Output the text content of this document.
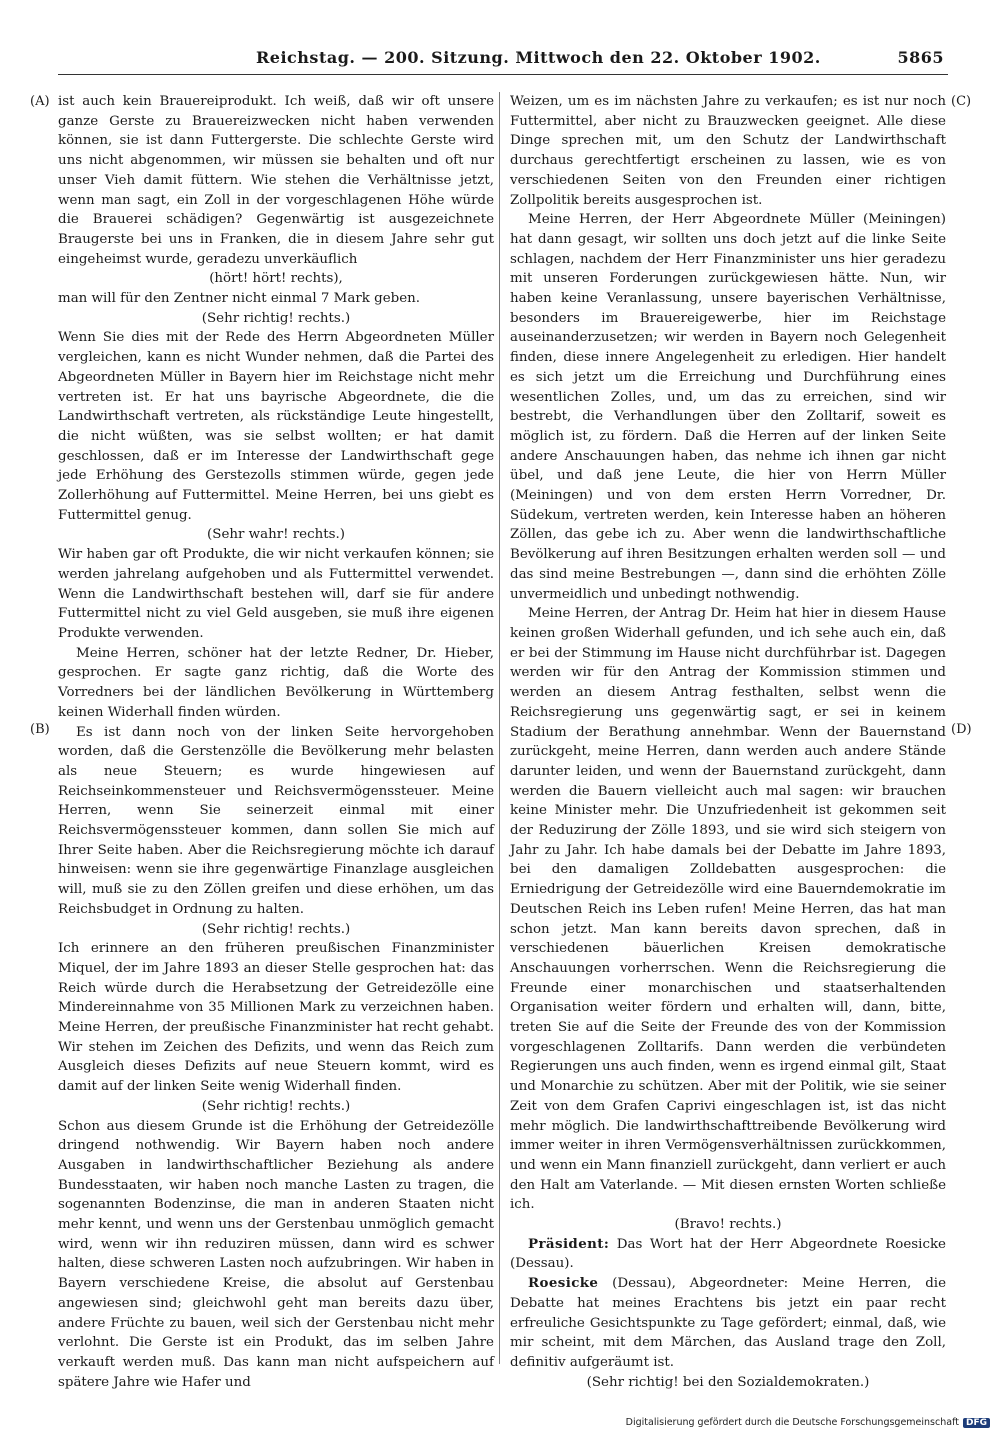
Reichstag. — 200. Sitzung. Mittwoch den 22. Oktober 1902.	5865
(A)
(B)
(C)
(D)

ist auch kein Brauereiprodukt. Ich weiß, daß wir oft unsere ganze Gerste zu Brauereizwecken nicht haben verwenden können, sie ist dann Futtergerste. Die schlechte Gerste wird uns nicht abgenommen, wir müssen sie behalten und oft nur unser Vieh damit füttern. Wie stehen die Verhältnisse jetzt, wenn man sagt, ein Zoll in der vorgeschlagenen Höhe würde die Brauerei schädigen? Gegenwärtig ist ausgezeichnete Braugerste bei uns in Franken, die in diesem Jahre sehr gut eingeheimst wurde, geradezu unverkäuflich

(hört! hört! rechts),

man will für den Zentner nicht einmal 7 Mark geben.

(Sehr richtig! rechts.)

Wenn Sie dies mit der Rede des Herrn Abgeordneten Müller vergleichen, kann es nicht Wunder nehmen, daß die Partei des Abgeordneten Müller in Bayern hier im Reichstage nicht mehr vertreten ist. Er hat uns bayrische Abgeordnete, die die Landwirthschaft vertreten, als rückständige Leute hingestellt, die nicht wüßten, was sie selbst wollten; er hat damit geschlossen, daß er im Interesse der Landwirthschaft gege jede Erhöhung des Gerstezolls stimmen würde, gegen jede Zollerhöhung auf Futtermittel. Meine Herren, bei uns giebt es Futtermittel genug.

(Sehr wahr! rechts.)

Wir haben gar oft Produkte, die wir nicht verkaufen können; sie werden jahrelang aufgehoben und als Futtermittel verwendet. Wenn die Landwirthschaft bestehen will, darf sie für andere Futtermittel nicht zu viel Geld ausgeben, sie muß ihre eigenen Produkte verwenden.

Meine Herren, schöner hat der letzte Redner, Dr. Hieber, gesprochen. Er sagte ganz richtig, daß die Worte des Vorredners bei der ländlichen Bevölkerung in Württemberg keinen Widerhall finden würden.

Es ist dann noch von der linken Seite hervorgehoben worden, daß die Gerstenzölle die Bevölkerung mehr belasten als neue Steuern; es wurde hingewiesen auf Reichseinkommensteuer und Reichsvermögenssteuer. Meine Herren, wenn Sie seinerzeit einmal mit einer Reichsvermögenssteuer kommen, dann sollen Sie mich auf Ihrer Seite haben. Aber die Reichsregierung möchte ich darauf hinweisen: wenn sie ihre gegenwärtige Finanzlage ausgleichen will, muß sie zu den Zöllen greifen und diese erhöhen, um das Reichsbudget in Ordnung zu halten.

(Sehr richtig! rechts.)

Ich erinnere an den früheren preußischen Finanzminister Miquel, der im Jahre 1893 an dieser Stelle gesprochen hat: das Reich würde durch die Herabsetzung der Getreidezölle eine Mindereinnahme von 35 Millionen Mark zu verzeichnen haben. Meine Herren, der preußische Finanzminister hat recht gehabt. Wir stehen im Zeichen des Defizits, und wenn das Reich zum Ausgleich dieses Defizits auf neue Steuern kommt, wird es damit auf der linken Seite wenig Widerhall finden.

(Sehr richtig! rechts.)

Schon aus diesem Grunde ist die Erhöhung der Getreidezölle dringend nothwendig. Wir Bayern haben noch andere Ausgaben in landwirthschaftlicher Beziehung als andere Bundesstaaten, wir haben noch manche Lasten zu tragen, die sogenannten Bodenzinse, die man in anderen Staaten nicht mehr kennt, und wenn uns der Gerstenbau unmöglich gemacht wird, wenn wir ihn reduziren müssen, dann wird es schwer halten, diese schweren Lasten noch aufzubringen. Wir haben in Bayern verschiedene Kreise, die absolut auf Gerstenbau angewiesen sind; gleichwohl geht man bereits dazu über, andere Früchte zu bauen, weil sich der Gerstenbau nicht mehr verlohnt. Die Gerste ist ein Produkt, das im selben Jahre verkauft werden muß. Das kann man nicht aufspeichern auf spätere Jahre wie Hafer und

Weizen, um es im nächsten Jahre zu verkaufen; es ist nur noch Futtermittel, aber nicht zu Brauzwecken geeignet. Alle diese Dinge sprechen mit, um den Schutz der Landwirthschaft durchaus gerechtfertigt erscheinen zu lassen, wie es von verschiedenen Seiten von den Freunden einer richtigen Zollpolitik bereits ausgesprochen ist.

Meine Herren, der Herr Abgeordnete Müller (Meiningen) hat dann gesagt, wir sollten uns doch jetzt auf die linke Seite schlagen, nachdem der Herr Finanzminister uns hier geradezu mit unseren Forderungen zurückgewiesen hätte. Nun, wir haben keine Veranlassung, unsere bayerischen Verhältnisse, besonders im Brauereigewerbe, hier im Reichstage auseinanderzusetzen; wir werden in Bayern noch Gelegenheit finden, diese innere Angelegenheit zu erledigen. Hier handelt es sich jetzt um die Erreichung und Durchführung eines wesentlichen Zolles, und, um das zu erreichen, sind wir bestrebt, die Verhandlungen über den Zolltarif, soweit es möglich ist, zu fördern. Daß die Herren auf der linken Seite andere Anschauungen haben, das nehme ich ihnen gar nicht übel, und daß jene Leute, die hier von Herrn Müller (Meiningen) und von dem ersten Herrn Vorredner, Dr. Südekum, vertreten werden, kein Interesse haben an höheren Zöllen, das gebe ich zu. Aber wenn die landwirthschaftliche Bevölkerung auf ihren Besitzungen erhalten werden soll — und das sind meine Bestrebungen —, dann sind die erhöhten Zölle unvermeidlich und unbedingt nothwendig.

Meine Herren, der Antrag Dr. Heim hat hier in diesem Hause keinen großen Widerhall gefunden, und ich sehe auch ein, daß er bei der Stimmung im Hause nicht durchführbar ist. Dagegen werden wir für den Antrag der Kommission stimmen und werden an diesem Antrag festhalten, selbst wenn die Reichsregierung uns gegenwärtig sagt, er sei in keinem Stadium der Berathung annehmbar. Wenn der Bauernstand zurückgeht, meine Herren, dann werden auch andere Stände darunter leiden, und wenn der Bauernstand zurückgeht, dann werden die Bauern vielleicht auch mal sagen: wir brauchen keine Minister mehr. Die Unzufriedenheit ist gekommen seit der Reduzirung der Zölle 1893, und sie wird sich steigern von Jahr zu Jahr. Ich habe damals bei der Debatte im Jahre 1893, bei den damaligen Zolldebatten ausgesprochen: die Erniedrigung der Getreidezölle wird eine Bauerndemokratie im Deutschen Reich ins Leben rufen! Meine Herren, das hat man schon jetzt. Man kann bereits davon sprechen, daß in verschiedenen bäuerlichen Kreisen demokratische Anschauungen vorherrschen. Wenn die Reichsregierung die Freunde einer monarchischen und staatserhaltenden Organisation weiter fördern und erhalten will, dann, bitte, treten Sie auf die Seite der Freunde des von der Kommission vorgeschlagenen Zolltarifs. Dann werden die verbündeten Regierungen uns auch finden, wenn es irgend einmal gilt, Staat und Monarchie zu schützen. Aber mit der Politik, wie sie seiner Zeit von dem Grafen Caprivi eingeschlagen ist, ist das nicht mehr möglich. Die landwirthschafttreibende Bevölkerung wird immer weiter in ihren Vermögensverhältnissen zurückkommen, und wenn ein Mann finanziell zurückgeht, dann verliert er auch den Halt am Vaterlande. — Mit diesen ernsten Worten schließe ich.

(Bravo! rechts.)

Präsident: Das Wort hat der Herr Abgeordnete Roesicke (Dessau).

Roesicke (Dessau), Abgeordneter: Meine Herren, die Debatte hat meines Erachtens bis jetzt ein paar recht erfreuliche Gesichtspunkte zu Tage gefördert; einmal, daß, wie mir scheint, mit dem Märchen, das Ausland trage den Zoll, definitiv aufgeräumt ist.

(Sehr richtig! bei den Sozialdemokraten.)

Digitalisierung gefördert durch die Deutsche Forschungsgemeinschaft DFG
